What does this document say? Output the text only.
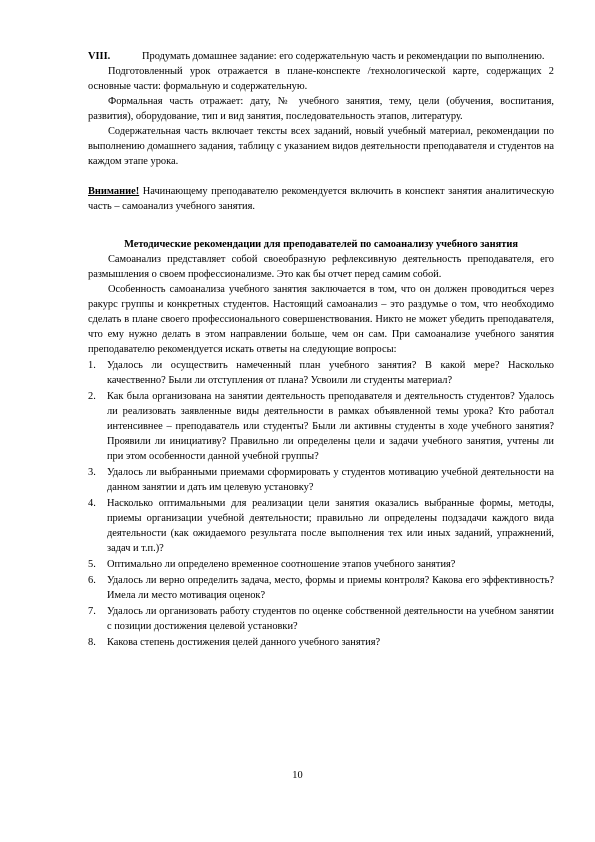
VIII.	Продумать домашнее задание: его содержательную часть и рекомендации по выполнению.

Подготовленный урок отражается в плане-конспекте /технологической карте, содержащих 2 основные части: формальную и содержательную.

Формальная часть отражает: дату, № учебного занятия, тему, цели (обучения, воспитания, развития), оборудование, тип и вид занятия, последовательность этапов, литературу.

Содержательная часть включает тексты всех заданий, новый учебный материал, рекомендации по выполнению домашнего задания, таблицу с указанием видов деятельности преподавателя и студентов на каждом этапе урока.

Внимание! Начинающему преподавателю рекомендуется включить в конспект занятия аналитическую часть – самоанализ учебного занятия.

Методические рекомендации для преподавателей по самоанализу учебного занятия

Самоанализ представляет собой своеобразную рефлексивную деятельность преподавателя, его размышления о своем профессионализме. Это как бы отчет перед самим собой.

Особенность самоанализа учебного занятия заключается в том, что он должен проводиться через ракурс группы и конкретных студентов. Настоящий самоанализ – это раздумье о том, что необходимо сделать в плане своего профессионального совершенствования. Никто не может убедить преподавателя, что ему нужно делать в этом направлении больше, чем он сам. При самоанализе учебного занятия преподавателю рекомендуется искать ответы на следующие вопросы:

1.	Удалось ли осуществить намеченный план учебного занятия? В какой мере? Насколько качественно? Были ли отступления от плана? Усвоили ли студенты материал?
2.	Как была организована на занятии деятельность преподавателя и деятельность студентов? Удалось ли реализовать заявленные виды деятельности в рамках объявленной темы урока? Кто работал интенсивнее – преподаватель или студенты? Были ли активны студенты в ходе учебного занятия? Проявили ли инициативу? Правильно ли определены цели и задачи учебного занятия, учтены ли при этом особенности данной учебной группы?
3.	Удалось ли выбранными приемами сформировать у студентов мотивацию учебной деятельности на данном занятии и дать им целевую установку?
4.	Насколько оптимальными для реализации цели занятия оказались выбранные формы, методы, приемы организации учебной деятельности; правильно ли определены подзадачи каждого вида деятельности (как ожидаемого результата после выполнения тех или иных заданий, упражнений, задач и т.п.)?
5.	Оптимально ли определено временное соотношение этапов учебного занятия?
6.	Удалось ли верно определить задача, место, формы и приемы контроля? Какова его эффективность? Имела ли место мотивация оценок?
7.	Удалось ли организовать работу студентов по оценке собственной деятельности на учебном занятии с позиции достижения целевой установки?
8.	Какова степень достижения целей данного учебного занятия?
10
